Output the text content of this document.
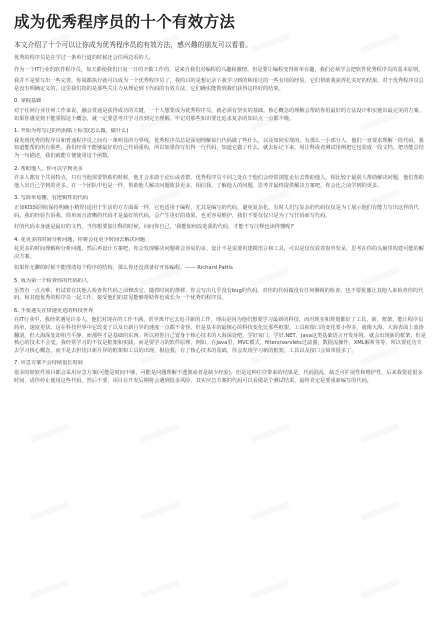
成为优秀程序员的十个有效方法
本文介绍了十个可以让你成为优秀程序员的有效方法，感兴趣的朋友可以看看。
优秀的程序员是在学过一条单行道的时候还会往两边看的人。
作为一个IT行业的软件程序员，每天都使我们日复一日的辛勤工作的，是来自我们对编程的兴趣和激情。但是要让编程变得简单有趣，我们必须学会把软件优秀程序员的基本原则。
我并不是要写出一些完善，你阅都执行就可以成为一个优秀程序员了，我的目的是想记录下我学习到的和用过的一些有用的经验，它们帮助我获得扎实好的结果。对于优秀程序员总是没有明确定义的，这里我们指的是那些关注力从理论到下代码的有效方法，它们确实能帮到我们获得这样好的结果。
0. 掌握基础
对于任何行业任何工作来说，融会贯通是获得成功的关键，一个人想要成为优秀程序员，就必须有坚实的基础。核心概念的理解会帮助你用最好的方法设计和实施出最完美的方案。如果你感觉到不能掌握这个概念，就一定要思考并学习直到完全理解，牢记对那些知识要比追求复杂的知识点一点都不晚。
1. 开始为你写过的代码贴上标签(怎么做，做什么)
我发现优秀的程序员和普通程序员之间有一条明显的分界线，优秀程序员总是深刻理解每行代码做了些什么，以及如何实现的。有那么一小部分人，他们一直要求理解一段代码，我知道能帮的所有那些，我们经常不能够最好的自己代码重构，所以如果你写出得一行代码，知道它做了什么，就去标记下来，用注释或者测试用例把它包装成一段文档。把功能总结为一句描述，我们就能方便使用这个函数。
2. 帮助他人，你可以学到更多
许多人都有个共同特点，只有当他需要帮助的时候，他才会求助于论坛或者群。优秀程序员不同之处在于他们会经常浏览论坛去帮助他人。相比较于最别人帮助解决问题，他们帮助他人出自己学到的更多。在一个团队中也是一样，帮助他人解决问题收获更多。相信我，了解他人的问题，思考并最终提供解决方案吧，你会比之前学到的更多。
3. 写简单易懂、有逻辑性的代码
正如KISS原则(保持明确小精悍)适用于生活的方方面面一样，它也适用于编程，尤其是编写的代码，避免复杂化。有时人们写复杂的代码仅仅是为了展示他们有能力写出这样的代码。我的经验告诉我，简单而且清晰的代码才是最好的代码，会产生更好的效果，也更容易维护，我们不要仅仅只是为了写代码而写代码。
好的代码本身就是最好的文档。当你想要加注释的时候，问问你自己，'我能如何改进我的代码，才能不写注释也读得懂呢?'
4. 花更多的时间分析问题，你将会花更少时间去解决问题
花更多的时间理解和分析问题，然后再设计方案吧。你会发现解决问题将会容易的多。设计不是说要用建模语言和工具，可以是仅仅看着窗外发呆，思考在你的头脑里构建可能的解决方案。
如果你无聊的时候不能理清每个程序的结构，那么你还没准备好开始编程。—— Richard Pattis
5. 成为第一个检查你的代码的人
虽然有一点点难，但试着在其他人检查你代码之前修改它，随着时间的推移，你会写出几乎没有bug的代码。对你的代码做没有任何侧视的检查，也不要犹豫让其他人来检查你的代码。和其他优秀的程序员一起工作，接受他们的意见能够帮助你也成长为一个优秀的程序员。
6. 不要迷失在快速更迭的科技世界
在IT行业中，我经常遇见许多人，他们对现在的工作不满，甚至离开它去追寻新的工作，理由是因为他们想要学习最新的科技，而对现实和规划都好了工具、新、框架，能让程序员简单，速度更快。这在科技世界中它改变了以及日新月异的速度一点都不奇怪。但是基本的最核心的科技变化比那些框架、工具和窗口的变化要小得多，就像大海，大海表面上波涛翻滚，但大海深处却相当平静，而那些才是基础的东西。所以将你自己置身于核心技术的大海深处吧，学好每门，学好.NET、Java这类基础语言开发环境，就会出现新的框架，但是核心的技术不会变。我经常学习的不仅是框架和实践，而是要学习的软件原理，例如，在Java里，MVC模式，filters/servlets过滤器，数据流操作，XML解析等等。所以要花功夫去学习核心概念，而不是去担忧日新月异的框架和工具的出现，相信我，有了核心技术的基础，你会发现学习新的框架，工具以及接口会简单很多了。
7. 应急方案不会持续很长时间
很多时候软件项目都会采用应急方案(可能是时间不够，可能是问题理解不透彻或者是缺少经验)，但是这种往往带来的结果是，代码混乱，缺乏可扩展性和维护性，后来我要花很多时间，请你停止使用这些代码，然后不要，项目在开发后期将会遇到很多风险，其实应急方案的代码可以看做是个测试结果，最终肯定是要重新编写的代码。
